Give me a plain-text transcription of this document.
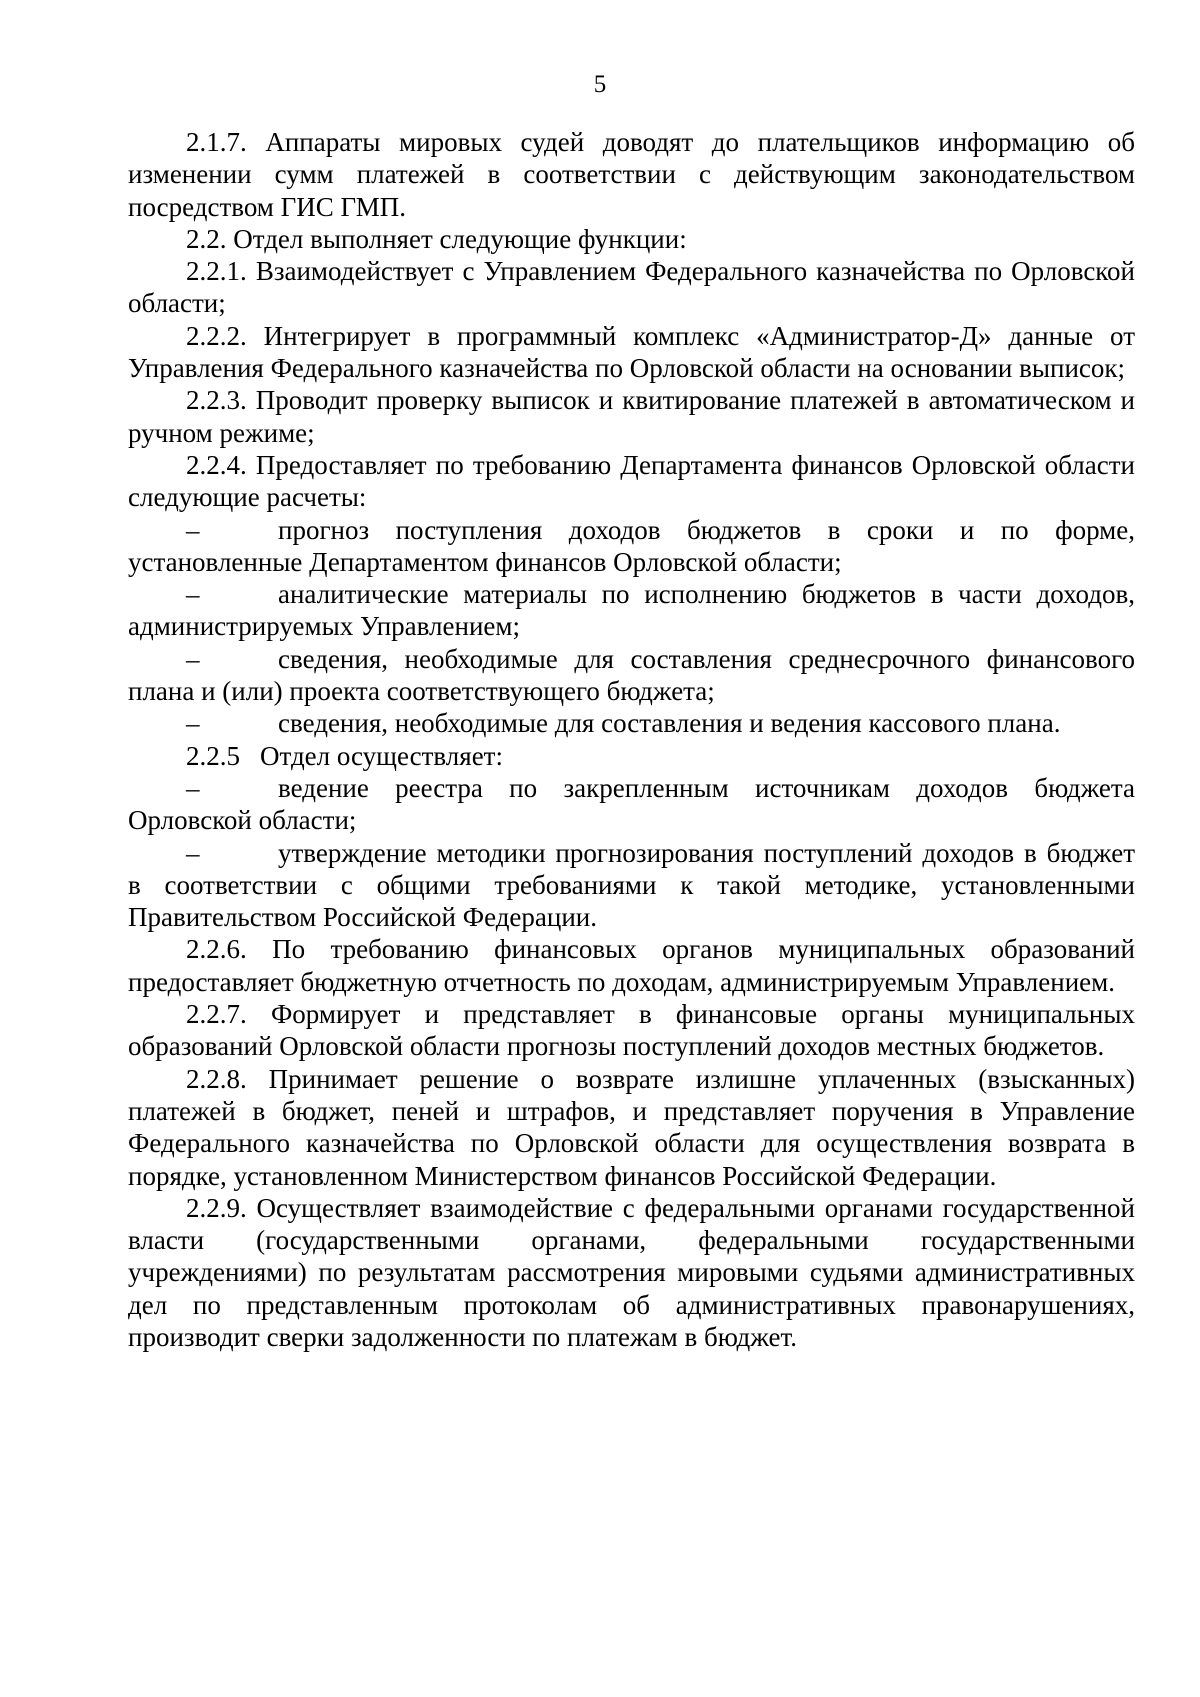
5

2.1.7. Аппараты мировых судей доводят до плательщиков информацию об изменении сумм платежей в соответствии с действующим законодательством посредством ГИС ГМП.

2.2. Отдел выполняет следующие функции:

2.2.1. Взаимодействует с Управлением Федерального казначейства по Орловской области;

2.2.2. Интегрирует в программный комплекс «Администратор-Д» данные от Управления Федерального казначейства по Орловской области на основании выписок;

2.2.3. Проводит проверку выписок и квитирование платежей в автоматическом и ручном режиме;

2.2.4. Предоставляет по требованию Департамента финансов Орловской области следующие расчеты:

–	прогноз поступления доходов бюджетов в сроки и по форме, установленные Департаментом финансов Орловской области;

–	аналитические материалы по исполнению бюджетов в части доходов, администрируемых Управлением;

–	сведения, необходимые для составления среднесрочного финансового плана и (или) проекта соответствующего бюджета;

–	сведения, необходимые для составления и ведения кассового плана.

2.2.5 Отдел осуществляет:

–	ведение реестра по закрепленным источникам доходов бюджета Орловской области;

–	утверждение методики прогнозирования поступлений доходов в бюджет в соответствии с общими требованиями к такой методике, установленными Правительством Российской Федерации.

2.2.6. По требованию финансовых органов муниципальных образований предоставляет бюджетную отчетность по доходам, администрируемым Управлением.

2.2.7. Формирует и представляет в финансовые органы муниципальных образований Орловской области прогнозы поступлений доходов местных бюджетов.

2.2.8. Принимает решение о возврате излишне уплаченных (взысканных) платежей в бюджет, пеней и штрафов, и представляет поручения в Управление Федерального казначейства по Орловской области для осуществления возврата в порядке, установленном Министерством финансов Российской Федерации.

2.2.9. Осуществляет взаимодействие с федеральными органами государственной власти (государственными органами, федеральными государственными учреждениями) по результатам рассмотрения мировыми судьями административных дел по представленным протоколам об административных правонарушениях, производит сверки задолженности по платежам в бюджет.
